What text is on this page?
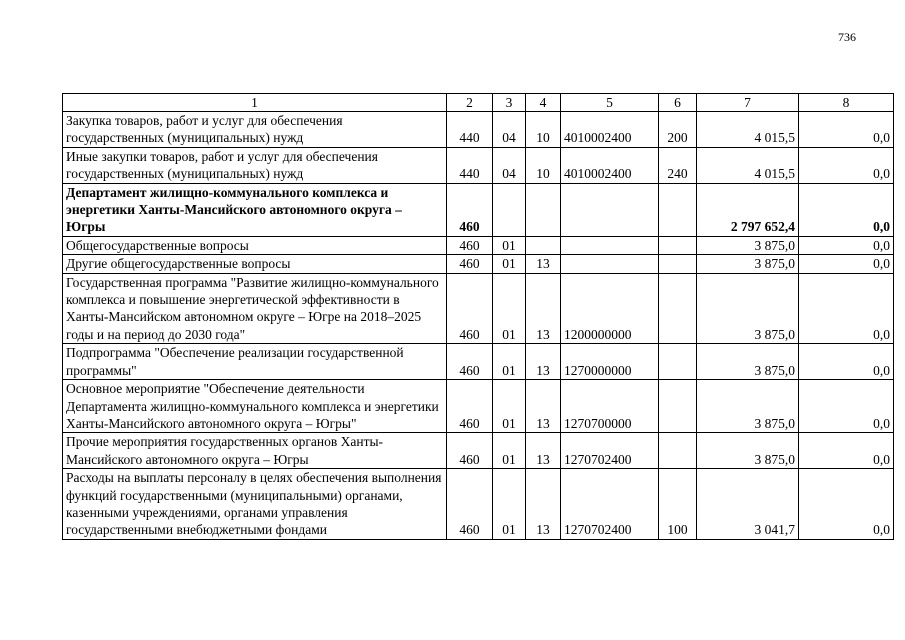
736
1	2	3	4	5	6	7	8
Закупка товаров, работ и услуг для обеспечения государственных (муниципальных) нужд	440	04	10	4010002400	200	4 015,5	0,0
Иные закупки товаров, работ и услуг для обеспечения государственных (муниципальных) нужд	440	04	10	4010002400	240	4 015,5	0,0
Департамент жилищно-коммунального комплекса и энергетики Ханты-Мансийского автономного округа – Югры	460					2 797 652,4	0,0
Общегосударственные вопросы	460	01				3 875,0	0,0
Другие общегосударственные вопросы	460	01	13			3 875,0	0,0
Государственная программа "Развитие жилищно-коммунального комплекса и повышение энергетической эффективности в Ханты-Мансийском автономном округе – Югре на 2018–2025 годы и на период до 2030 года"	460	01	13	1200000000		3 875,0	0,0
Подпрограмма "Обеспечение реализации государственной программы"	460	01	13	1270000000		3 875,0	0,0
Основное мероприятие "Обеспечение деятельности Департамента жилищно-коммунального комплекса и энергетики Ханты-Мансийского автономного округа – Югры"	460	01	13	1270700000		3 875,0	0,0
Прочие мероприятия государственных органов Ханты-Мансийского автономного округа – Югры	460	01	13	1270702400		3 875,0	0,0
Расходы на выплаты персоналу в целях обеспечения выполнения функций государственными (муниципальными) органами, казенными учреждениями, органами управления государственными внебюджетными фондами	460	01	13	1270702400	100	3 041,7	0,0
